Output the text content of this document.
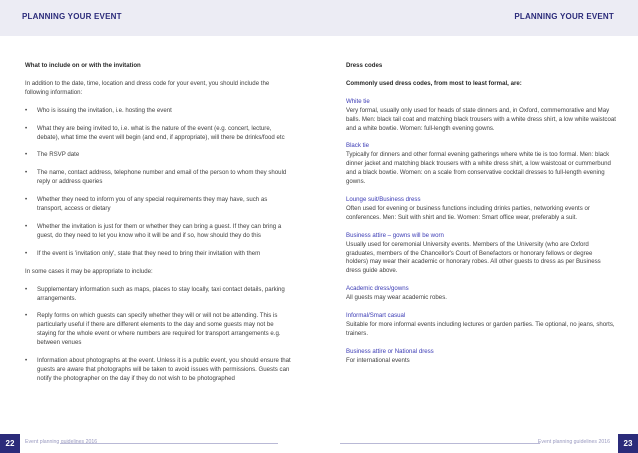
PLANNING YOUR EVENT	PLANNING YOUR EVENT
What to include on or with the invitation
In addition to the date, time, location and dress code for your event, you should include the following information:
• Who is issuing the invitation, i.e. hosting the event
• What they are being invited to, i.e. what is the nature of the event (e.g. concert, lecture, debate), what time the event will begin (and end, if appropriate), will there be drinks/food etc
• The RSVP date
• The name, contact address, telephone number and email of the person to whom they should reply or address queries
• Whether they need to inform you of any special requirements they may have, such as transport, access or dietary
• Whether the invitation is just for them or whether they can bring a guest. If they can bring a guest, do they need to let you know who it will be and if so, how should they do this
• If the event is 'invitation only', state that they need to bring their invitation with them
In some cases it may be appropriate to include:
• Supplementary information such as maps, places to stay locally, taxi contact details, parking arrangements.
• Reply forms on which guests can specify whether they will or will not be attending. This is particularly useful if there are different elements to the day and some guests may not be staying for the whole event or where numbers are required for transport arrangements e.g. between venues
• Information about photographs at the event. Unless it is a public event, you should ensure that guests are aware that photographs will be taken to avoid issues with permissions. Guests can notify the photographer on the day if they do not wish to be photographed
Dress codes
Commonly used dress codes, from most to least formal, are:
White tie
Very formal, usually only used for heads of state dinners and, in Oxford, commemorative and May balls. Men: black tail coat and matching black trousers with a white dress shirt, a low white waistcoat and a white bowtie. Women: full-length evening gowns.
Black tie
Typically for dinners and other formal evening gatherings where white tie is too formal. Men: black dinner jacket and matching black trousers with a white dress shirt, a low waistcoat or cummerbund and a black bowtie. Women: on a scale from conservative cocktail dresses to full-length evening gowns.
Lounge suit/Business dress
Often used for evening or business functions including drinks parties, networking events or conferences. Men: Suit with shirt and tie. Women: Smart office wear, preferably a suit.
Business attire – gowns will be worn
Usually used for ceremonial University events. Members of the University (who are Oxford graduates, members of the Chancellor's Court of Benefactors or honorary fellows or degree holders) may wear their academic or honorary robes. All other guests to dress as per Business dress guide above.
Academic dress/gowns
All guests may wear academic robes.
Informal/Smart casual
Suitable for more informal events including lectures or garden parties. Tie optional, no jeans, shorts, trainers.
Business attire or National dress
For international events
22	Event planning guidelines 2016	Event planning guidelines 2016	23
